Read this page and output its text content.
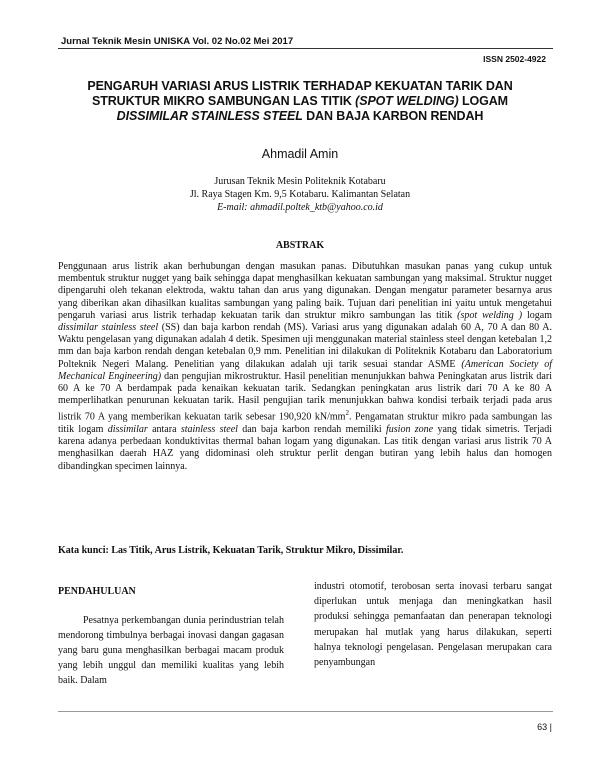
Jurnal Teknik Mesin UNISKA Vol. 02 No.02 Mei 2017
ISSN 2502-4922
PENGARUH VARIASI ARUS LISTRIK TERHADAP KEKUATAN TARIK DAN
STRUKTUR MIKRO SAMBUNGAN LAS TITIK (SPOT WELDING) LOGAM
DISSIMILAR STAINLESS STEEL DAN BAJA KARBON RENDAH
Ahmadil Amin
Jurusan Teknik Mesin Politeknik Kotabaru
Jl. Raya Stagen Km. 9,5 Kotabaru. Kalimantan Selatan
E-mail: ahmadil.poltek_ktb@yahoo.co.id
ABSTRAK

Penggunaan arus listrik akan berhubungan dengan masukan panas. Dibutuhkan masukan panas yang cukup untuk membentuk struktur nugget yang baik sehingga dapat menghasilkan kekuatan sambungan yang maksimal. Struktur nugget dipengaruhi oleh tekanan elektroda, waktu tahan dan arus yang digunakan. Dengan mengatur parameter besarnya arus yang diberikan akan dihasilkan kualitas sambungan yang paling baik. Tujuan dari penelitian ini yaitu untuk mengetahui pengaruh variasi arus listrik terhadap kekuatan tarik dan struktur mikro sambungan las titik (spot welding ) logam dissimilar stainless steel (SS) dan baja karbon rendah (MS). Variasi arus yang digunakan adalah 60 A, 70 A dan 80 A. Waktu pengelasan yang digunakan adalah 4 detik. Spesimen uji menggunakan material stainless steel dengan ketebalan 1,2 mm dan baja karbon rendah dengan ketebalan 0,9 mm. Penelitian ini dilakukan di Politeknik Kotabaru dan Laboratorium Polteknik Negeri Malang. Penelitian yang dilakukan adalah uji tarik sesuai standar ASME (American Society of Mechanical Engineering) dan pengujian mikrostruktur. Hasil penelitian menunjukkan bahwa Peningkatan arus listrik dari 60 A ke 70 A berdampak pada kenaikan kekuatan tarik. Sedangkan peningkatan arus listrik dari 70 A ke 80 A memperlihatkan penurunan kekuatan tarik. Hasil pengujian tarik menunjukkan bahwa kondisi terbaik terjadi pada arus listrik 70 A yang memberikan kekuatan tarik sebesar 190,920 $kN/mm^2$. Pengamatan struktur mikro pada sambungan las titik logam dissimilar antara stainless steel dan baja karbon rendah memiliki fusion zone yang tidak simetris. Terjadi karena adanya perbedaan konduktivitas thermal bahan logam yang digunakan. Las titik dengan variasi arus listrik 70 A menghasilkan daerah HAZ yang didominasi oleh struktur perlit dengan butiran yang lebih halus dan homogen dibandingkan specimen lainnya.

Kata kunci: Las Titik, Arus Listrik, Kekuatan Tarik, Struktur Mikro, Dissimilar.
PENDAHULUAN

Pesatnya perkembangan dunia perindustrian telah mendorong timbulnya berbagai inovasi dangan gagasan yang baru guna menghasilkan berbagai macam produk yang lebih unggul dan memiliki kualitas yang lebih baik. Dalam

industri otomotif, terobosan serta inovasi terbaru sangat diperlukan untuk menjaga dan meningkatkan hasil produksi sehingga pemanfaatan dan penerapan teknologi merupakan hal mutlak yang harus dilakukan, seperti halnya teknologi pengelasan. Pengelasan merupakan cara penyambungan

63 |
